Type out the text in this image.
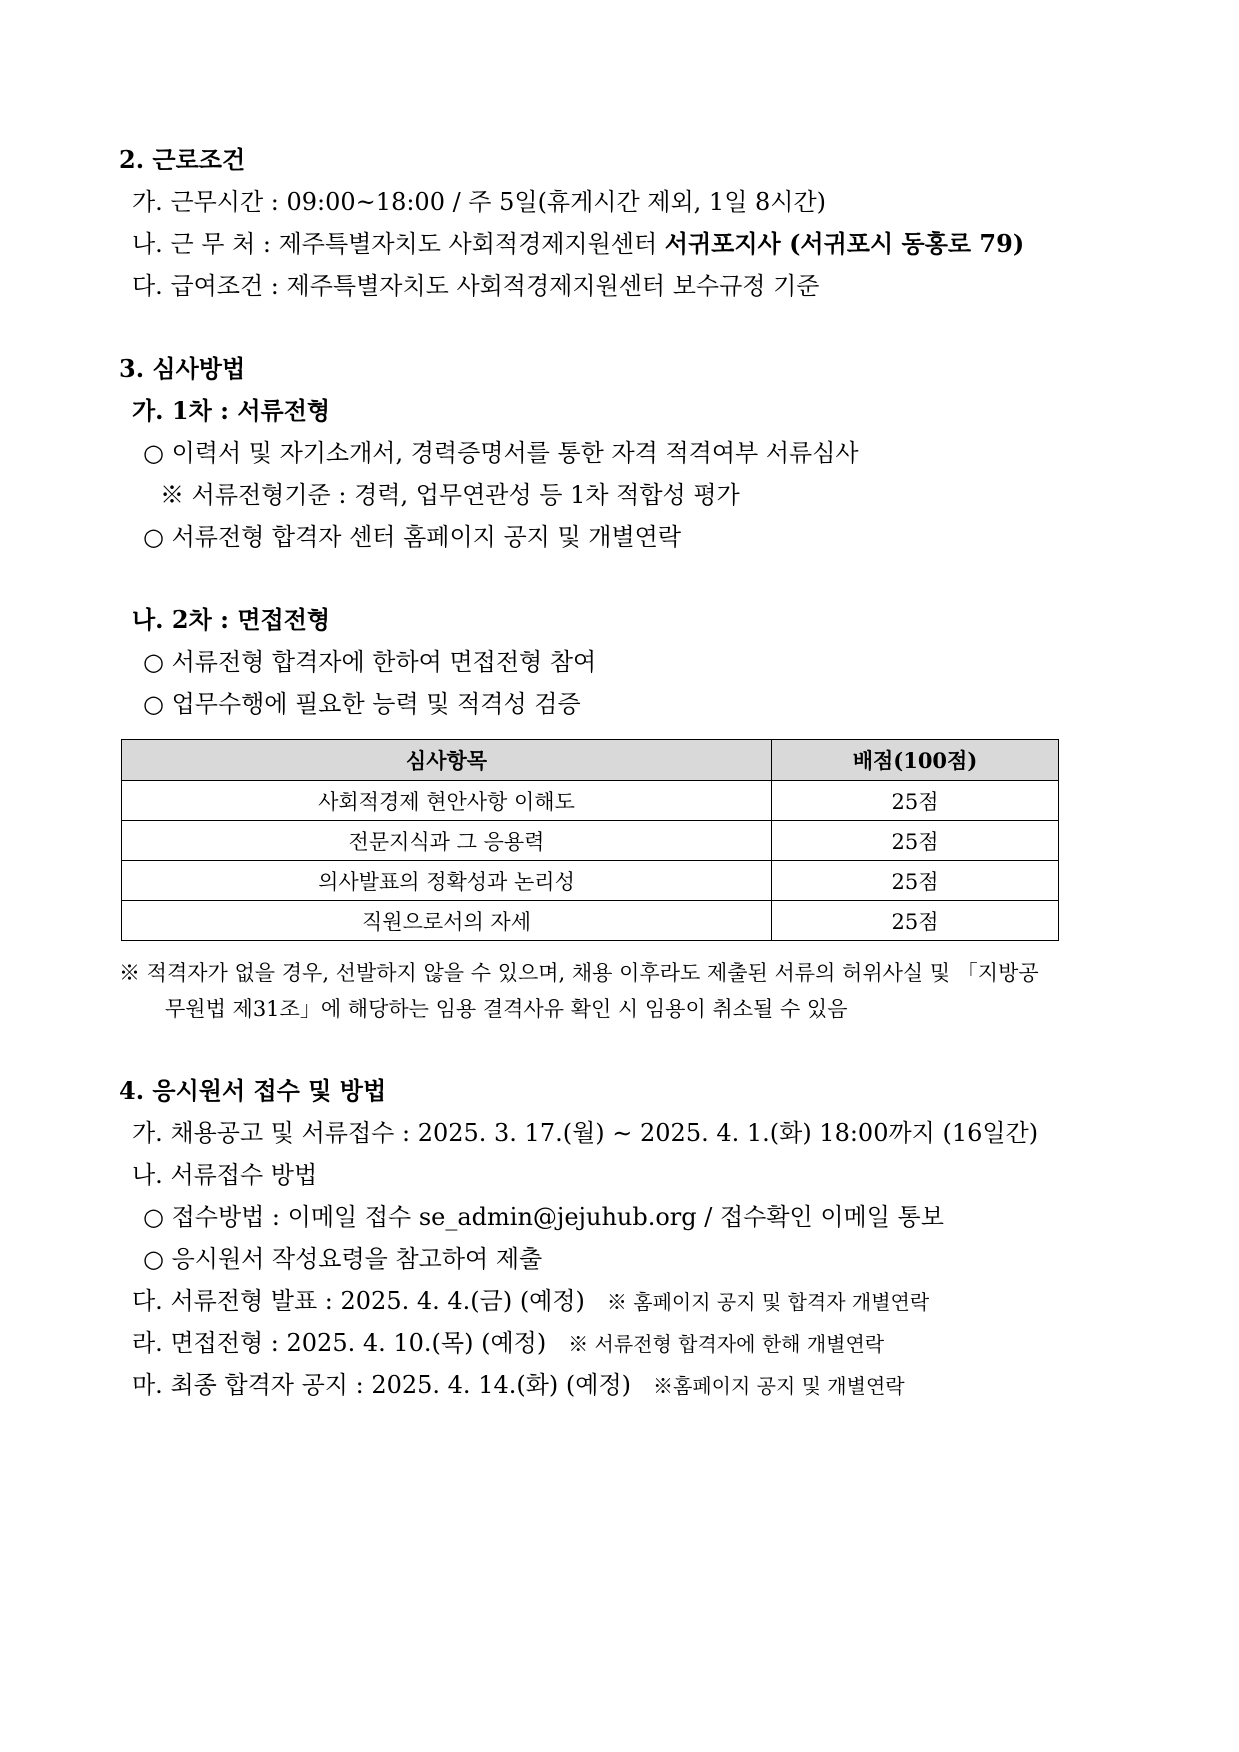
2. 근로조건
가. 근무시간 : 09:00~18:00 / 주 5일(휴게시간 제외, 1일 8시간)
나. 근 무 처 : 제주특별자치도 사회적경제지원센터 서귀포지사 (서귀포시 동홍로 79)
다. 급여조건 : 제주특별자치도 사회적경제지원센터 보수규정 기준
3. 심사방법
가. 1차 : 서류전형
○ 이력서 및 자기소개서, 경력증명서를 통한 자격 적격여부 서류심사
※ 서류전형기준 : 경력, 업무연관성 등 1차 적합성 평가
○ 서류전형 합격자 센터 홈페이지 공지 및 개별연락
나. 2차 : 면접전형
○ 서류전형 합격자에 한하여 면접전형 참여
○ 업무수행에 필요한 능력 및 적격성 검증
심사항목	배점(100점)
사회적경제 현안사항 이해도	25점
전문지식과 그 응용력	25점
의사발표의 정확성과 논리성	25점
직원으로서의 자세	25점
※ 적격자가 없을 경우, 선발하지 않을 수 있으며, 채용 이후라도 제출된 서류의 허위사실 및 「지방공
무원법 제31조」에 해당하는 임용 결격사유 확인 시 임용이 취소될 수 있음
4. 응시원서 접수 및 방법
가. 채용공고 및 서류접수 : 2025. 3. 17.(월) ∼ 2025. 4. 1.(화) 18:00까지 (16일간)
나. 서류접수 방법
○ 접수방법 : 이메일 접수 se_admin@jejuhub.org / 접수확인 이메일 통보
○ 응시원서 작성요령을 참고하여 제출
다. 서류전형 발표 : 2025. 4. 4.(금) (예정) ※ 홈페이지 공지 및 합격자 개별연락
라. 면접전형 : 2025. 4. 10.(목) (예정) ※ 서류전형 합격자에 한해 개별연락
마. 최종 합격자 공지 : 2025. 4. 14.(화) (예정) ※홈페이지 공지 및 개별연락
